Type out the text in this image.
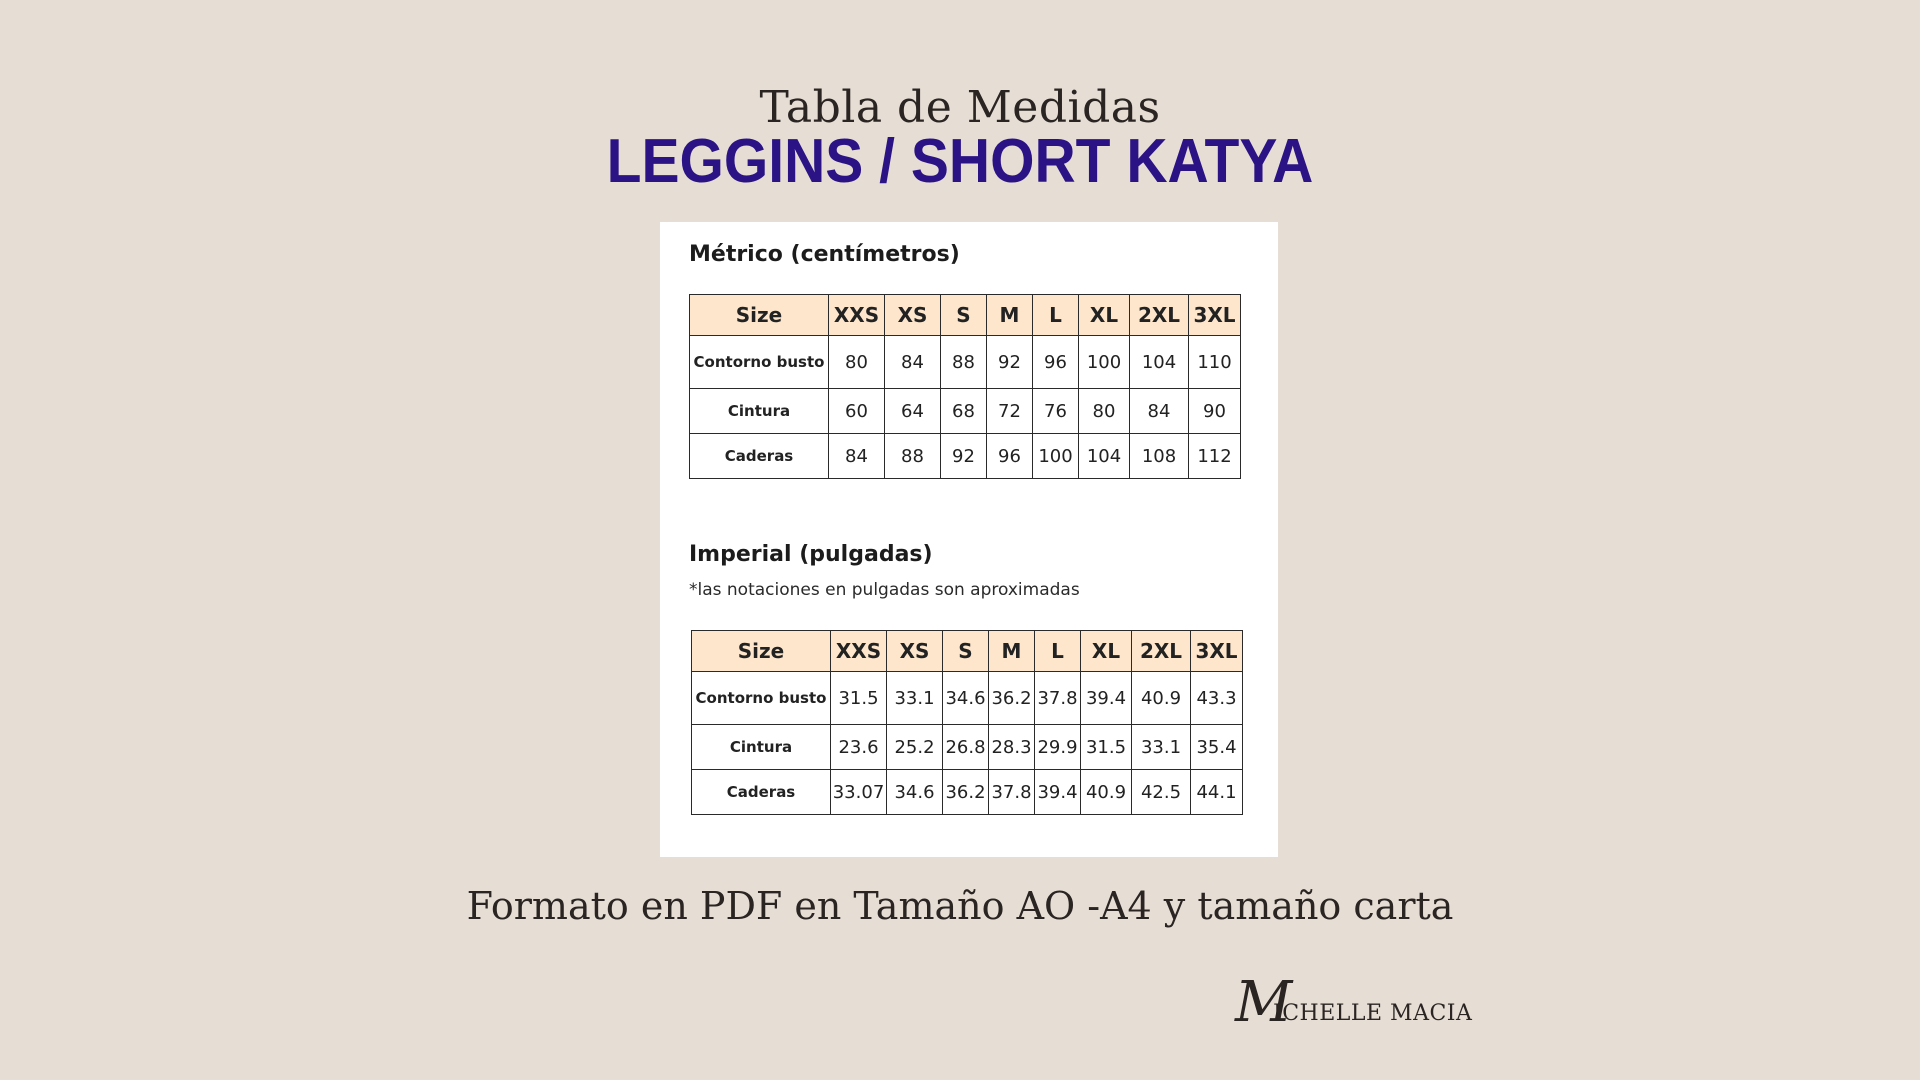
Tabla de Medidas
LEGGINS / SHORT KATYA
Métrico (centímetros)
Size	XXS	XS	S	M	L	XL	2XL	3XL
Contorno busto	80	84	88	92	96	100	104	110
Cintura	60	64	68	72	76	80	84	90
Caderas	84	88	92	96	100	104	108	112
Imperial (pulgadas)
*las notaciones en pulgadas son aproximadas
Size	XXS	XS	S	M	L	XL	2XL	3XL
Contorno busto	31.5	33.1	34.6	36.2	37.8	39.4	40.9	43.3
Cintura	23.6	25.2	26.8	28.3	29.9	31.5	33.1	35.4
Caderas	33.07	34.6	36.2	37.8	39.4	40.9	42.5	44.1
Formato en PDF en Tamaño AO -A4 y tamaño carta
M
ICHELLE MACIA
